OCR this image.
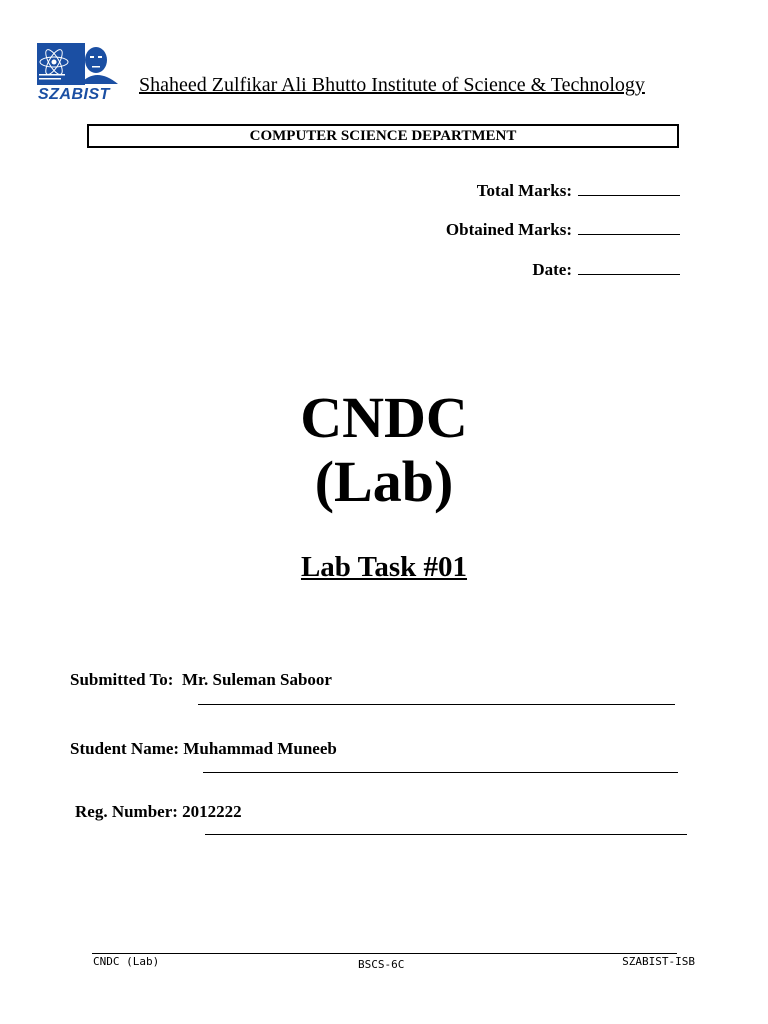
SZABIST Shaheed Zulfikar Ali Bhutto Institute of Science & Technology
COMPUTER SCIENCE DEPARTMENT
Total Marks:
Obtained Marks:
Date:
CNDC
(Lab)
Lab Task #01
Submitted To: Mr. Suleman Saboor
Student Name: Muhammad Muneeb
Reg. Number: 2012222
CNDC (Lab)	BSCS-6C	SZABIST-ISB
